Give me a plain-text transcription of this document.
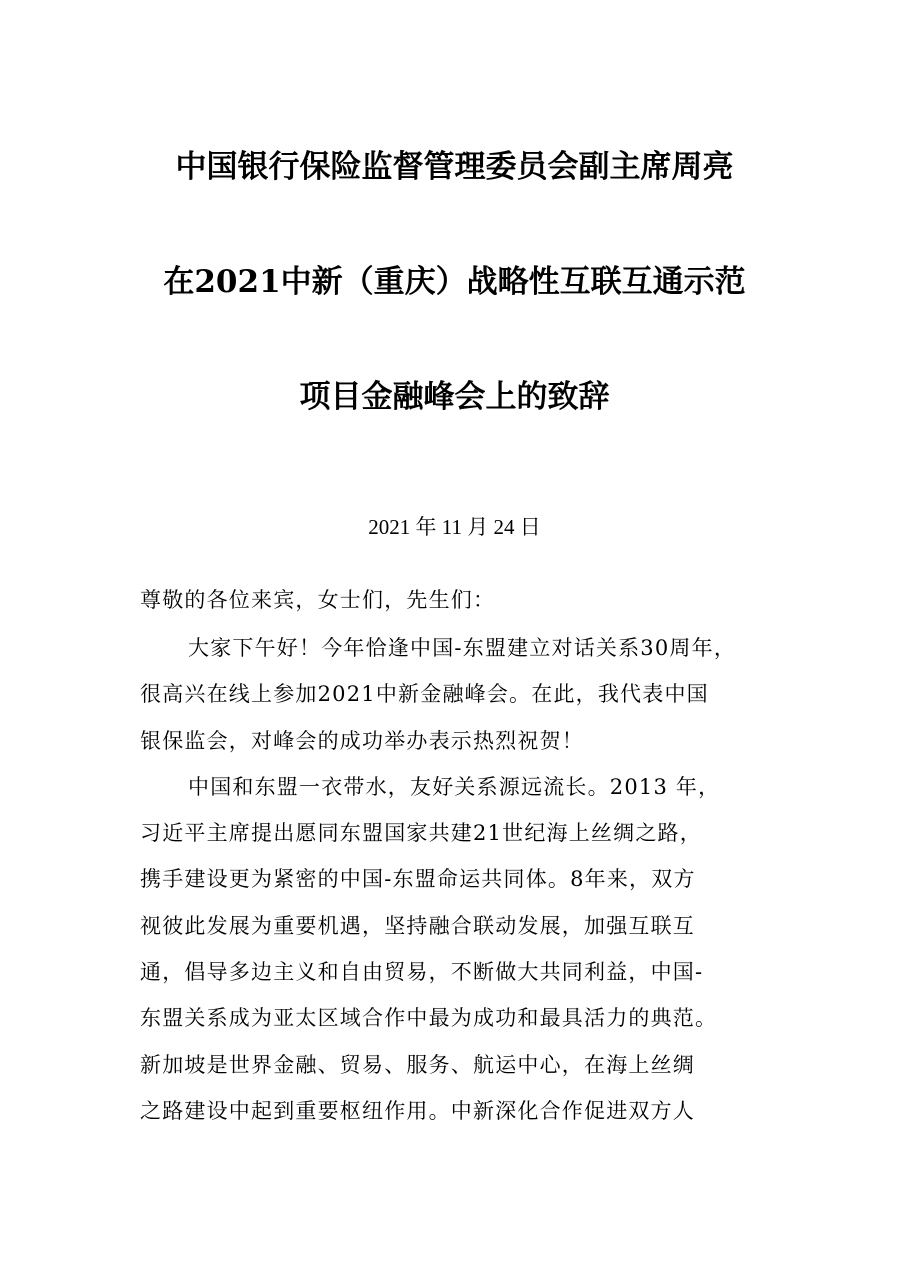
中国银行保险监督管理委员会副主席周亮
在2021中新（重庆）战略性互联互通示范
项目金融峰会上的致辞
2021 年 11 月 24 日
尊敬的各位来宾，女士们，先生们：
大家下午好！今年恰逢中国-东盟建立对话关系30周年，
很高兴在线上参加2021中新金融峰会。在此，我代表中国
银保监会，对峰会的成功举办表示热烈祝贺！
中国和东盟一衣带水，友好关系源远流长。2013 年，
习近平主席提出愿同东盟国家共建21世纪海上丝绸之路，
携手建设更为紧密的中国-东盟命运共同体。8年来，双方
视彼此发展为重要机遇，坚持融合联动发展，加强互联互
通，倡导多边主义和自由贸易，不断做大共同利益，中国-
东盟关系成为亚太区域合作中最为成功和最具活力的典范。
新加坡是世界金融、贸易、服务、航运中心，在海上丝绸
之路建设中起到重要枢纽作用。中新深化合作促进双方人
